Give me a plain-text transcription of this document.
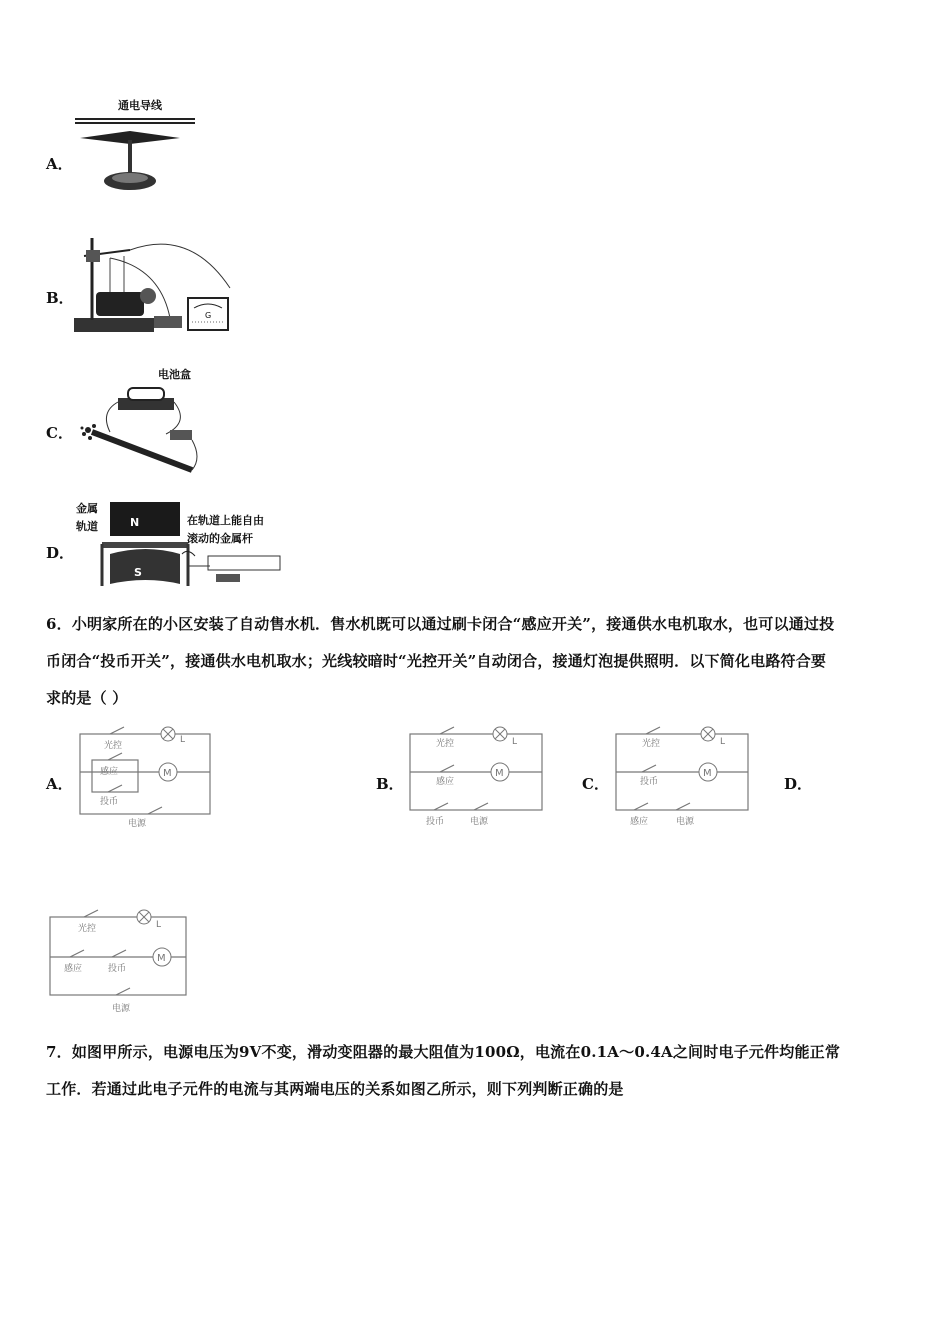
A．
通电导线
B．
G
C．
电池盒
D．
金属
轨道	N
S
在轨道上能自由
滚动的金属杆
6．小明家所在的小区安装了自动售水机．售水机既可以通过刷卡闭合“感应开关”，接通供水电机取水，也可以通过投
币闭合“投币开关”，接通供水电机取水；光线较暗时“光控开关”自动闭合，接通灯泡提供照明．以下简化电路符合要
求的是（ ）
A．
M
L
光控
感应
投币
电源
B．
M
L
光控
感应
投币	电源
C．
M
L
光控
投币
感应	电源
D．
M
L
光控
感应	投币
电源
7．如图甲所示，电源电压为9V不变，滑动变阻器的最大阻值为100Ω，电流在0.1A～0.4A之间时电子元件均能正常
工作．若通过此电子元件的电流与其两端电压的关系如图乙所示，则下列判断正确的是
